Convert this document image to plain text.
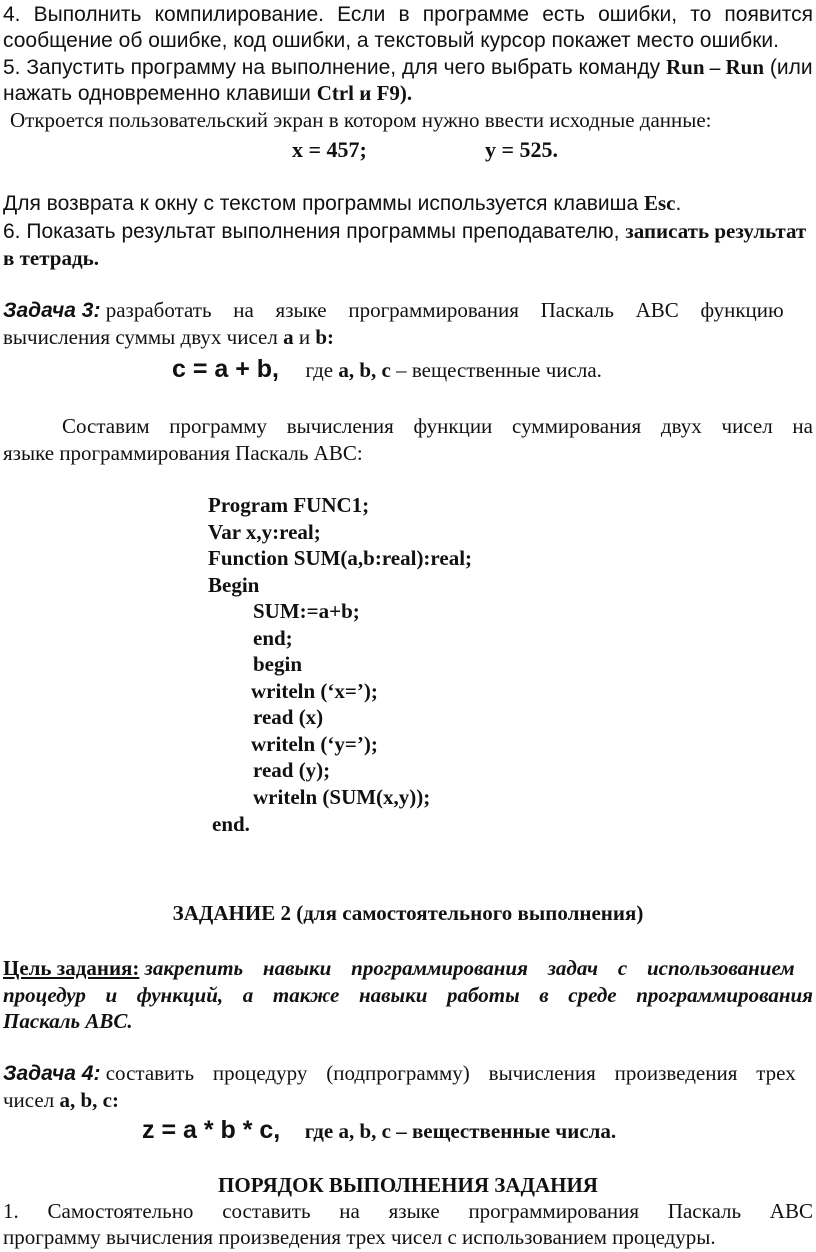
4. Выполнить компилирование. Если в программе есть ошибки, то появится
сообщение об ошибке, код ошибки, а текстовый курсор покажет место ошибки.
5. Запустить программу на выполнение, для чего выбрать команду Run – Run (или
нажать одновременно клавиши Ctrl и F9).
Откроется пользовательский экран в котором нужно ввести исходные данные:
x = 457;	y = 525.
Для возврата к окну с текстом программы используется клавиша Esc.
6. Показать результат выполнения программы преподавателю, записать результат
в тетрадь.
Задача 3: разработать на языке программирования Паскаль ABC функцию
вычисления суммы двух чисел a и b:
c = a + b, где a, b, c – вещественные числа.
Составим программу вычисления функции суммирования двух чисел на
языке программирования Паскаль ABC:
Program FUNC1;
Var x,y:real;
Function SUM(a,b:real):real;
Begin
SUM:=a+b;
end;
begin
writeln (‘x=’);
read (x)
writeln (‘y=’);
read (y);
writeln (SUM(x,y));
end.
ЗАДАНИЕ 2 (для самостоятельного выполнения)
Цель задания: закрепить навыки программирования задач с использованием
процедур и функций, а также навыки работы в среде программирования
Паскаль ABC.
Задача 4: составить процедуру (подпрограмму) вычисления произведения трех
чисел a, b, c:
z = a * b * c, где a, b, c – вещественные числа.
ПОРЯДОК ВЫПОЛНЕНИЯ ЗАДАНИЯ
1. Самостоятельно составить на языке программирования Паскаль ABC
программу вычисления произведения трех чисел с использованием процедуры.
